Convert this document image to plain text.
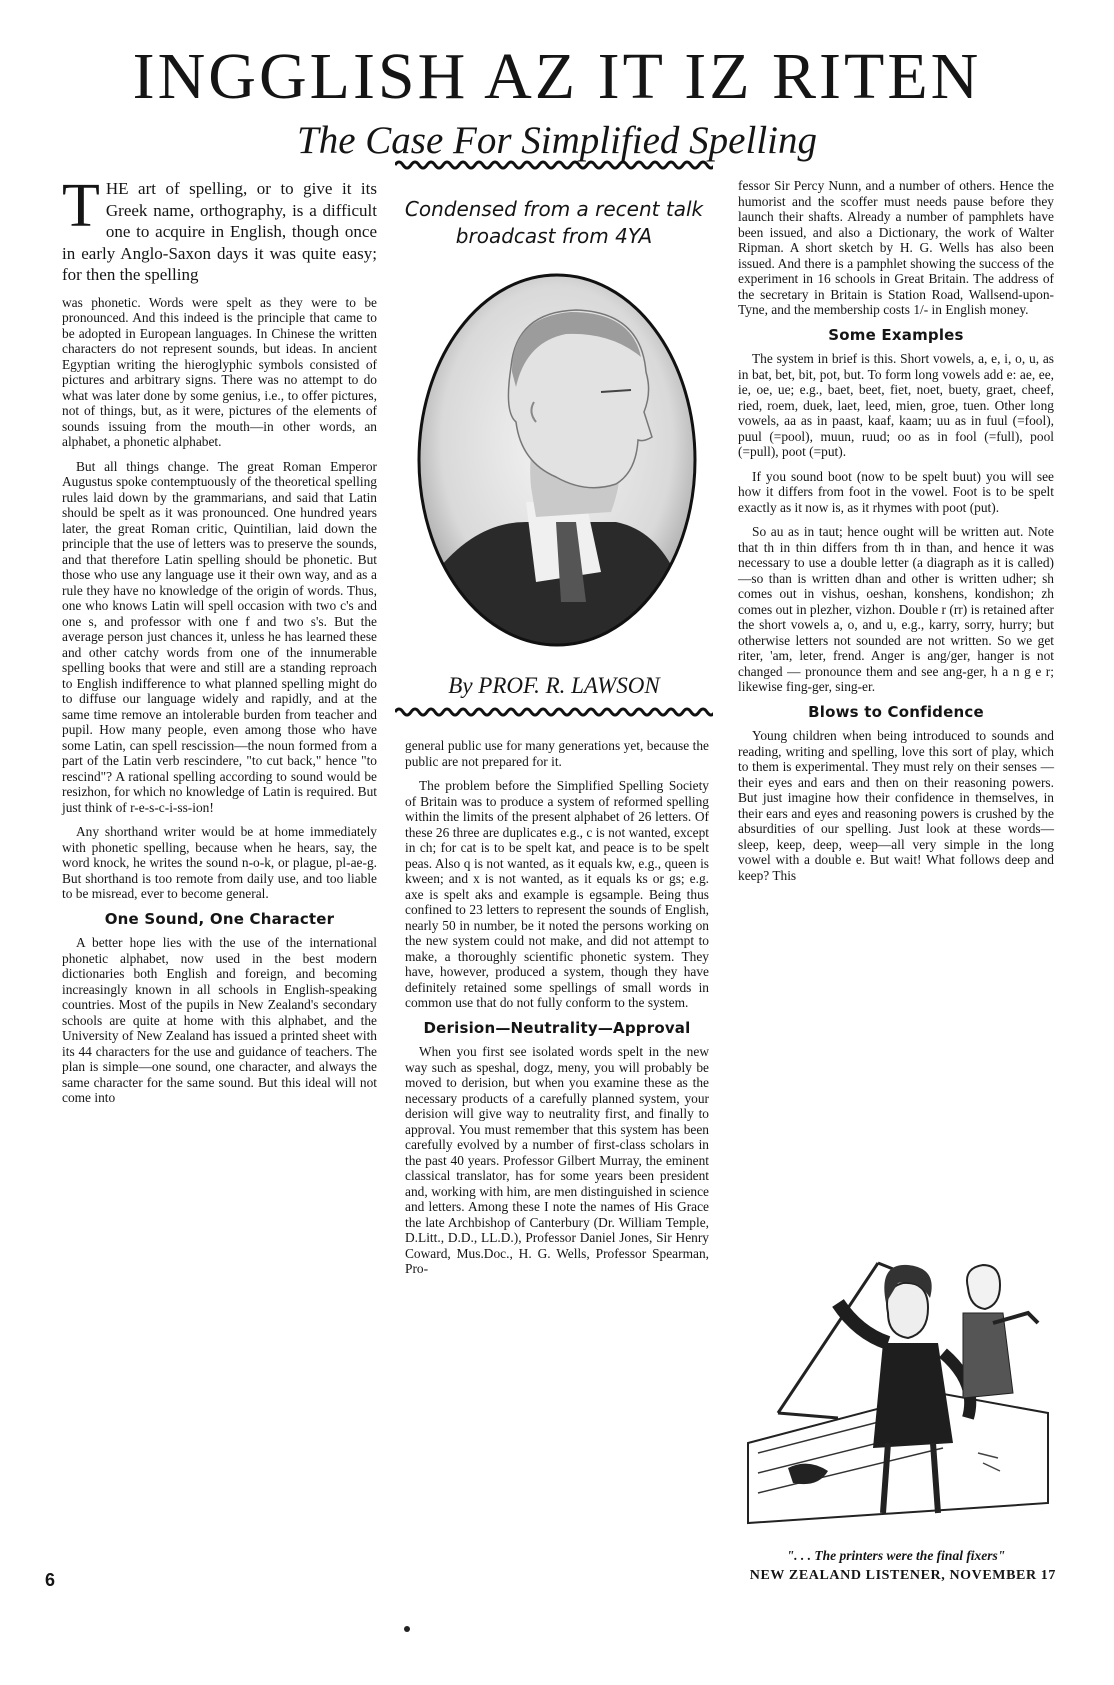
INGGLISH AZ IT IZ RITEN
The Case For Simplified Spelling

THE art of spelling, or to give it its Greek name, orthography, is a difficult one to acquire in English, though once in early Anglo-Saxon days it was quite easy; for then the spelling

was phonetic. Words were spelt as they were to be pronounced. And this indeed is the principle that came to be adopted in European languages. In Chinese the written characters do not represent sounds, but ideas. In ancient Egyptian writing the hieroglyphic symbols consisted of pictures and arbitrary signs. There was no attempt to do what was later done by some genius, i.e., to offer pictures, not of things, but, as it were, pictures of the elements of sounds issuing from the mouth—in other words, an alphabet, a phonetic alphabet.

But all things change. The great Roman Emperor Augustus spoke contemptuously of the theoretical spelling rules laid down by the grammarians, and said that Latin should be spelt as it was pronounced. One hundred years later, the great Roman critic, Quintilian, laid down the principle that the use of letters was to preserve the sounds, and that therefore Latin spelling should be phonetic. But those who use any language use it their own way, and as a rule they have no knowledge of the origin of words. Thus, one who knows Latin will spell occasion with two c's and one s, and professor with one f and two s's. But the average person just chances it, unless he has learned these and other catchy words from one of the innumerable spelling books that were and still are a standing reproach to English indifference to what planned spelling might do to diffuse our language widely and rapidly, and at the same time remove an intolerable burden from teacher and pupil. How many people, even among those who have some Latin, can spell rescission—the noun formed from a part of the Latin verb rescindere, "to cut back," hence "to rescind"? A rational spelling according to sound would be resizhon, for which no knowledge of Latin is required. But just think of r-e-s-c-i-ss-ion!

Any shorthand writer would be at home immediately with phonetic spelling, because when he hears, say, the word knock, he writes the sound n-o-k, or plague, pl-ae-g. But shorthand is too remote from daily use, and too liable to be misread, ever to become general.

One Sound, One Character

A better hope lies with the use of the international phonetic alphabet, now used in the best modern dictionaries both English and foreign, and becoming increasingly known in all schools in English-speaking countries. Most of the pupils in New Zealand's secondary schools are quite at home with this alphabet, and the University of New Zealand has issued a printed sheet with its 44 characters for the use and guidance of teachers. The plan is simple—one sound, one character, and always the same character for the same sound. But this ideal will not come into

Condensed from a recent talk broadcast from 4YA
By PROF. R. LAWSON

general public use for many generations yet, because the public are not prepared for it.

The problem before the Simplified Spelling Society of Britain was to produce a system of reformed spelling within the limits of the present alphabet of 26 letters. Of these 26 three are duplicates e.g., c is not wanted, except in ch; for cat is to be spelt kat, and peace is to be spelt peas. Also q is not wanted, as it equals kw, e.g., queen is kween; and x is not wanted, as it equals ks or gs; e.g. axe is spelt aks and example is egsample. Being thus confined to 23 letters to represent the sounds of English, nearly 50 in number, be it noted the persons working on the new system could not make, and did not attempt to make, a thoroughly scientific phonetic system. They have, however, produced a system, though they have definitely retained some spellings of small words in common use that do not fully conform to the system.

Derision—Neutrality—Approval

When you first see isolated words spelt in the new way such as speshal, dogz, meny, you will probably be moved to derision, but when you examine these as the necessary products of a carefully planned system, your derision will give way to neutrality first, and finally to approval. You must remember that this system has been carefully evolved by a number of first-class scholars in the past 40 years. Professor Gilbert Murray, the eminent classical translator, has for some years been president and, working with him, are men distinguished in science and letters. Among these I note the names of His Grace the late Archbishop of Canterbury (Dr. William Temple, D.Litt., D.D., LL.D.), Professor Daniel Jones, Sir Henry Coward, Mus.Doc., H. G. Wells, Professor Spearman, Pro-

fessor Sir Percy Nunn, and a number of others. Hence the humorist and the scoffer must needs pause before they launch their shafts. Already a number of pamphlets have been issued, and also a Dictionary, the work of Walter Ripman. A short sketch by H. G. Wells has also been issued. And there is a pamphlet showing the success of the experiment in 16 schools in Great Britain. The address of the secretary in Britain is Station Road, Wallsend-upon-Tyne, and the membership costs 1/- in English money.

Some Examples

The system in brief is this. Short vowels, a, e, i, o, u, as in bat, bet, bit, pot, but. To form long vowels add e: ae, ee, ie, oe, ue; e.g., baet, beet, fiet, noet, buety, graet, cheef, ried, roem, duek, laet, leed, mien, groe, tuen. Other long vowels, aa as in paast, kaaf, kaam; uu as in fuul (=fool), puul (=pool), muun, ruud; oo as in fool (=full), pool (=pull), poot (=put).

If you sound boot (now to be spelt buut) you will see how it differs from foot in the vowel. Foot is to be spelt exactly as it now is, as it rhymes with poot (put).

So au as in taut; hence ought will be written aut. Note that th in thin differs from th in than, and hence it was necessary to use a double letter (a diagraph as it is called)—so than is written dhan and other is written udher; sh comes out in vishus, oeshan, konshens, kondishon; zh comes out in plezher, vizhon. Double r (rr) is retained after the short vowels a, o, and u, e.g., karry, sorry, hurry; but otherwise letters not sounded are not written. So we get riter, 'am, leter, frend. Anger is ang/ger, hanger is not changed — pronounce them and see ang-ger, h a n g e r; likewise fing-ger, sing-er.

Blows to Confidence

Young children when being introduced to sounds and reading, writing and spelling, love this sort of play, which to them is experimental. They must rely on their senses — their eyes and ears and then on their reasoning powers. But just imagine how their confidence in themselves, in their ears and eyes and reasoning powers is crushed by the absurdities of our spelling. Just look at these words—sleep, keep, deep, weep—all very simple in the long vowel with a double e. But wait! What follows deep and keep? This

". . . The printers were the final fixers"
6	NEW ZEALAND LISTENER, NOVEMBER 17
